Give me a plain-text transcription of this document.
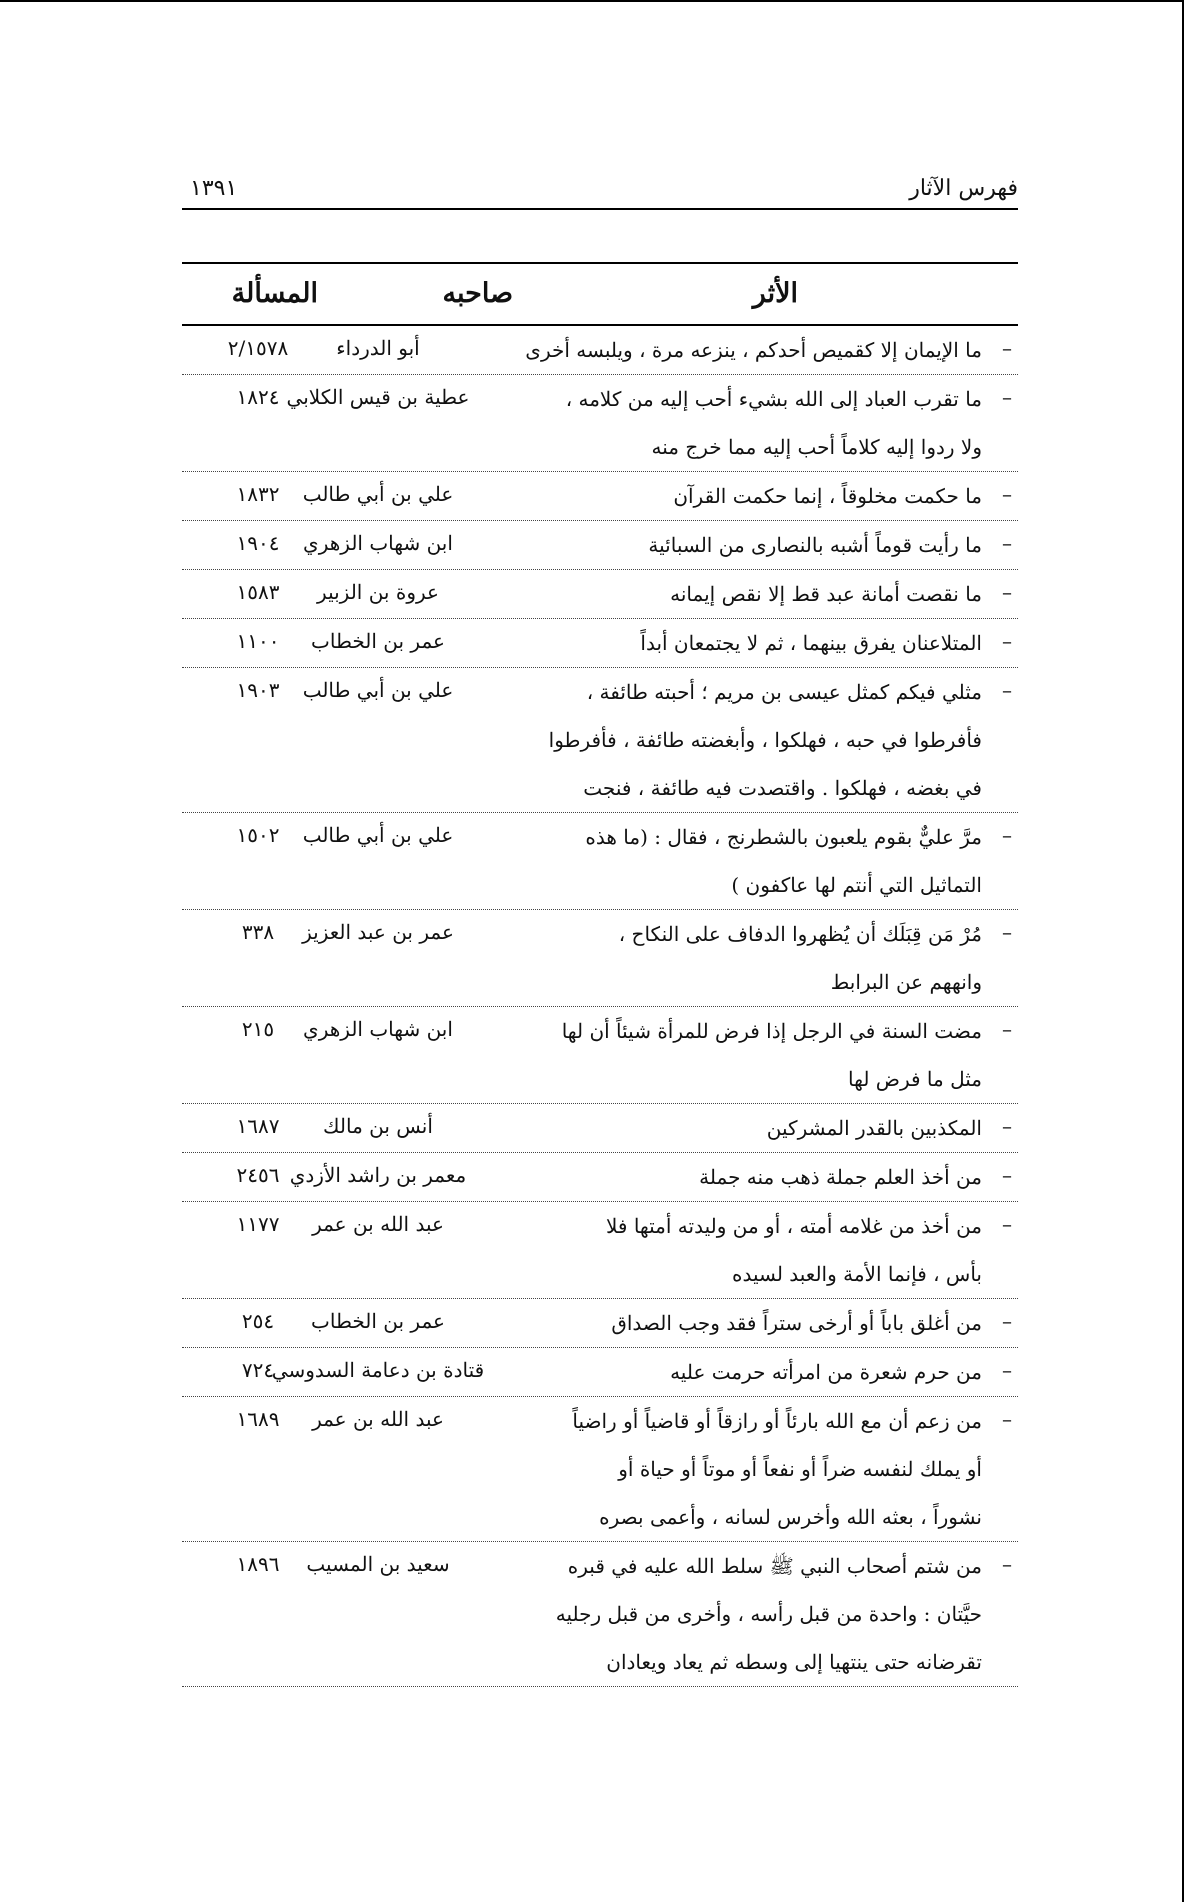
فهرس الآثار
١٣٩١
الأثر
صاحبه
المسألة
–
ما الإيمان إلا كقميص أحدكم ، ينزعه مرة ، ويلبسه أخرى
أبو الدرداء
٢/١٥٧٨
–
ما تقرب العباد إلى الله بشيء أحب إليه من كلامه ،
ولا ردوا إليه كلاماً أحب إليه مما خرج منه
عطية بن قيس الكلابي
١٨٢٤
–
ما حكمت مخلوقاً ، إنما حكمت القرآن
علي بن أبي طالب
١٨٣٢
–
ما رأيت قوماً أشبه بالنصارى من السبائية
ابن شهاب الزهري
١٩٠٤
–
ما نقصت أمانة عبد قط إلا نقص إيمانه
عروة بن الزبير
١٥٨٣
–
المتلاعنان يفرق بينهما ، ثم لا يجتمعان أبداً
عمر بن الخطاب
١١٠٠
–
مثلي فيكم كمثل عيسى بن مريم ؛ أحبته طائفة ،
فأفرطوا في حبه ، فهلكوا ، وأبغضته طائفة ، فأفرطوا
في بغضه ، فهلكوا . واقتصدت فيه طائفة ، فنجت
علي بن أبي طالب
١٩٠٣
–
مرَّ عليٌّ بقوم يلعبون بالشطرنج ، فقال : (ما هذه
التماثيل التي أنتم لها عاكفون )
علي بن أبي طالب
١٥٠٢
–
مُرْ مَن قِبَلَك أن يُظهروا الدفاف على النكاح ،
وانههم عن البرابط
عمر بن عبد العزيز
٣٣٨
–
مضت السنة في الرجل إذا فرض للمرأة شيئاً أن لها
مثل ما فرض لها
ابن شهاب الزهري
٢١٥
–
المكذبين بالقدر المشركين
أنس بن مالك
١٦٨٧
–
من أخذ العلم جملة ذهب منه جملة
معمر بن راشد الأزدي
٢٤٥٦
–
من أخذ من غلامه أمته ، أو من وليدته أمتها فلا
بأس ، فإنما الأمة والعبد لسيده
عبد الله بن عمر
١١٧٧
–
من أغلق باباً أو أرخى ستراً فقد وجب الصداق
عمر بن الخطاب
٢٥٤
–
من حرم شعرة من امرأته حرمت عليه
قتادة بن دعامة السدوسي
٧٢٤
–
من زعم أن مع الله بارئاً أو رازقاً أو قاضياً أو راضياً
أو يملك لنفسه ضراً أو نفعاً أو موتاً أو حياة أو
نشوراً ، بعثه الله وأخرس لسانه ، وأعمى بصره
عبد الله بن عمر
١٦٨٩
–
من شتم أصحاب النبي ﷺ سلط الله عليه في قبره
حيَّتان : واحدة من قبل رأسه ، وأخرى من قبل رجليه
تقرضانه حتى ينتهيا إلى وسطه ثم يعاد ويعادان
سعيد بن المسيب
١٨٩٦
